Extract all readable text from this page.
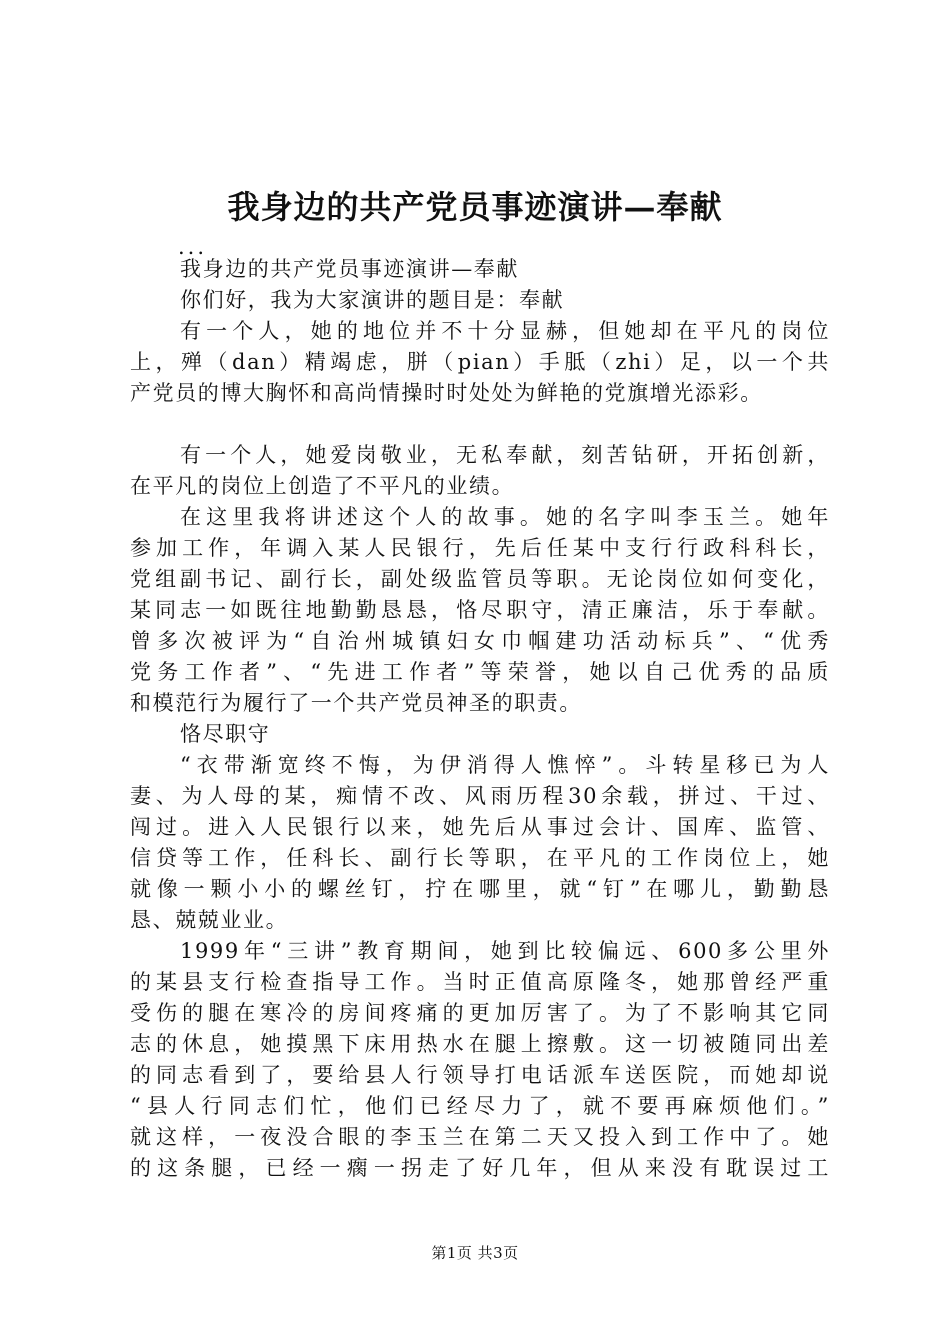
我身边的共产党员事迹演讲—奉献
...
我身边的共产党员事迹演讲—奉献
你们好，我为大家演讲的题目是：奉献
有一个人，她的地位并不十分显赫，但她却在平凡的岗位
上，殚（dan）精竭虑，胼（pian）手胝（zhi）足，以一个共
产党员的博大胸怀和高尚情操时时处处为鲜艳的党旗增光添彩。
有一个人，她爱岗敬业，无私奉献，刻苦钻研，开拓创新，
在平凡的岗位上创造了不平凡的业绩。
在这里我将讲述这个人的故事。她的名字叫李玉兰。她年
参加工作，年调入某人民银行，先后任某中支行行政科科长，
党组副书记、副行长，副处级监管员等职。无论岗位如何变化，
某同志一如既往地勤勤恳恳，恪尽职守，清正廉洁，乐于奉献。
曾多次被评为“自治州城镇妇女巾帼建功活动标兵”、“优秀
党务工作者”、“先进工作者”等荣誉，她以自己优秀的品质
和模范行为履行了一个共产党员神圣的职责。
恪尽职守
“衣带渐宽终不悔，为伊消得人憔悴”。斗转星移已为人
妻、为人母的某，痴情不改、风雨历程30余载，拼过、干过、
闯过。进入人民银行以来，她先后从事过会计、国库、监管、
信贷等工作，任科长、副行长等职，在平凡的工作岗位上，她
就像一颗小小的螺丝钉，拧在哪里，就“钉”在哪儿，勤勤恳
恳、兢兢业业。
1999年“三讲”教育期间，她到比较偏远、600多公里外
的某县支行检查指导工作。当时正值高原隆冬，她那曾经严重
受伤的腿在寒冷的房间疼痛的更加厉害了。为了不影响其它同
志的休息，她摸黑下床用热水在腿上擦敷。这一切被随同出差
的同志看到了，要给县人行领导打电话派车送医院，而她却说
“县人行同志们忙，他们已经尽力了，就不要再麻烦他们。”
就这样，一夜没合眼的李玉兰在第二天又投入到工作中了。她
的这条腿，已经一瘸一拐走了好几年，但从来没有耽误过工
第1页 共3页
